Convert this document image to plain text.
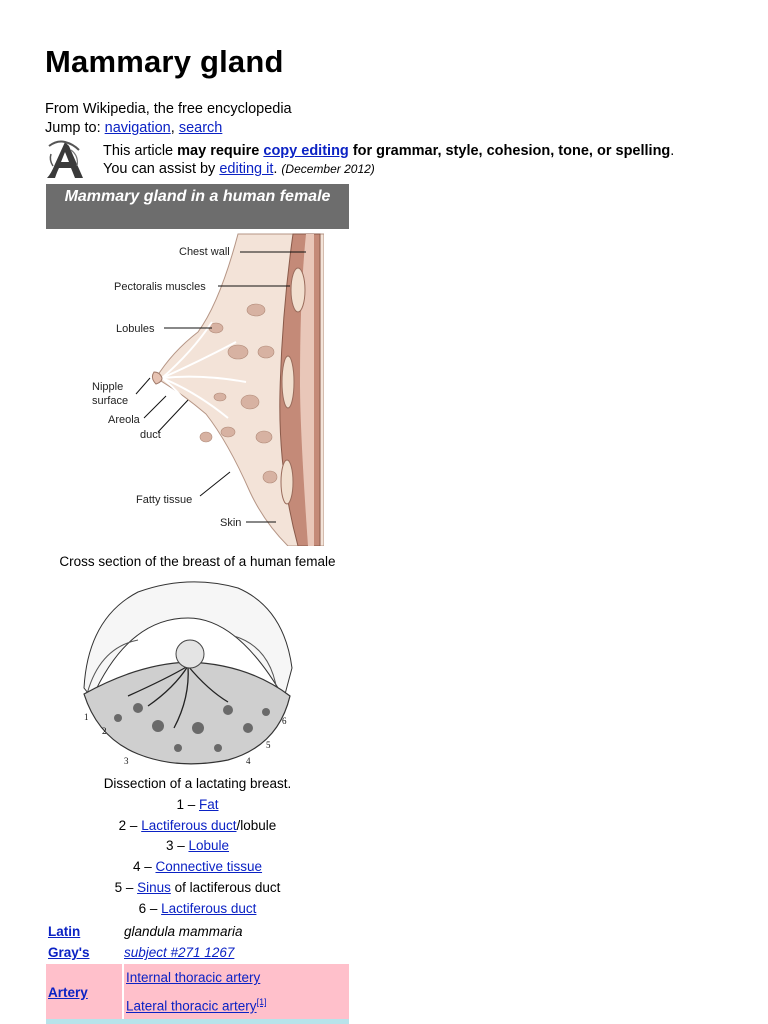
Mammary gland
From Wikipedia, the free encyclopedia
Jump to: navigation, search
This article may require copy editing for grammar, style, cohesion, tone, or spelling.
You can assist by editing it. (December 2012)
Mammary gland in a human female
Chest wall
Pectoralis muscles
Lobules
Nipple
surface
Areola
duct
Fatty tissue
Skin
Cross section of the breast of a human female
1
2
3	4
5
6
Dissection of a lactating breast.
1 – Fat
2 – Lactiferous duct/lobule
3 – Lobule
4 – Connective tissue
5 – Sinus of lactiferous duct
6 – Lactiferous duct
Latin	glandula mammaria
Gray's	subject #271 1267
Artery	Internal thoracic artery
Lateral thoracic artery[1]
